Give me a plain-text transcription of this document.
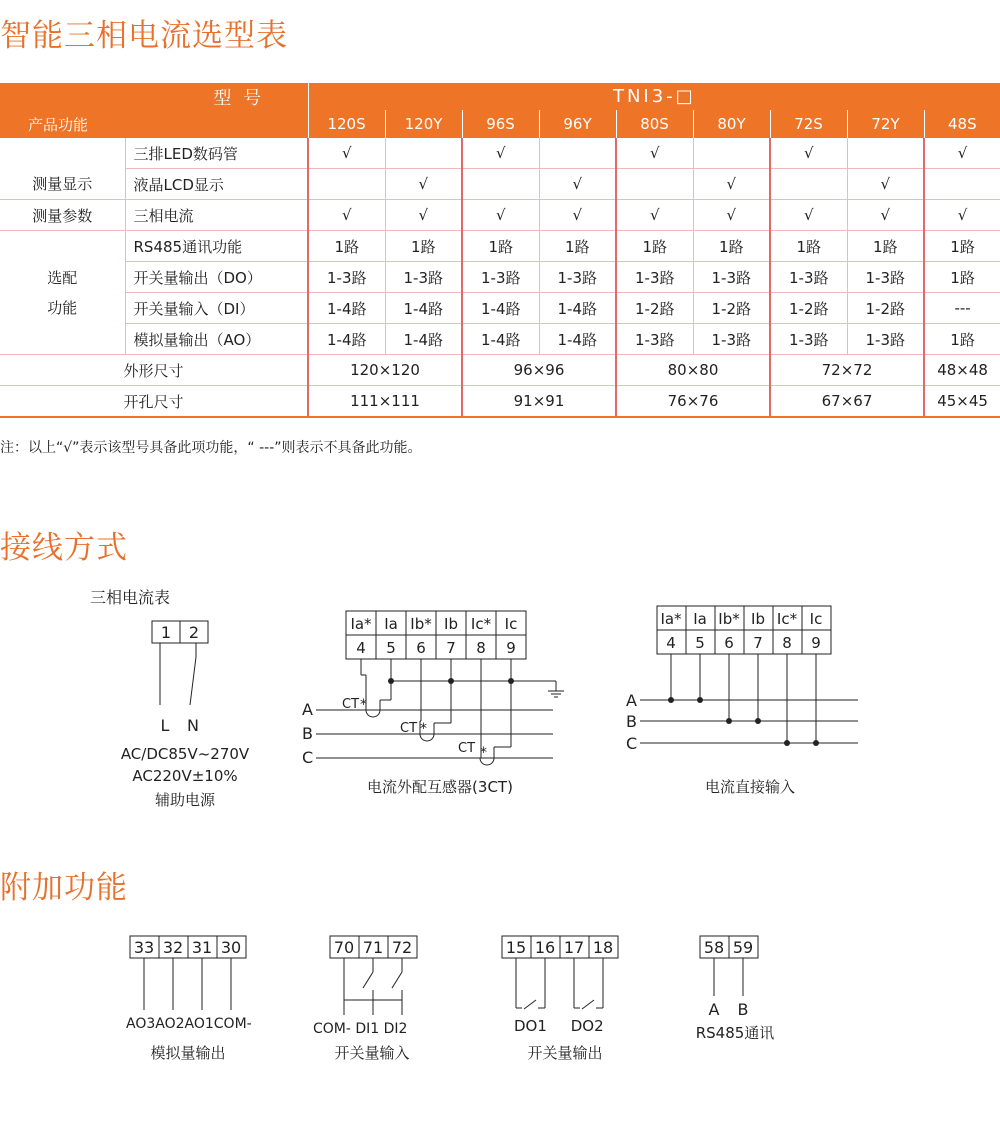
智能三相电流选型表
型 号		TNI3-□								
产品功能		120S	120Y	96S	96Y	80S	80Y	72S	72Y	48S
测量显示	三排LED数码管	√		√		√		√		√
	液晶LCD显示		√		√		√		√	
测量参数	三相电流	√	√	√	√	√	√	√	√	√

选配
功能	RS485通讯功能	1路	1路	1路	1路	1路	1路	1路	1路	1路
	开关量输出（DO）	1-3路	1-3路	1-3路	1-3路	1-3路	1-3路	1-3路	1-3路	1路
	开关量输入（DI）	1-4路	1-4路	1-4路	1-4路	1-2路	1-2路	1-2路	1-2路	---
	模拟量输出（AO）	1-4路	1-4路	1-4路	1-4路	1-3路	1-3路	1-3路	1-3路	1路
外形尺寸		120×120		96×96		80×80		72×72		48×48
开孔尺寸		111×111		91×91		76×76		67×67		45×45
注：以上“√”表示该型号具备此项功能，“ ---”则表示不具备此功能。
接线方式
三相电流表
1 2
L N
AC/DC85V~270V
AC220V±10%
辅助电源
Ia* Ia Ib* Ib Ic* Ic
4 5 6 7 8 9
CT
CT
CT
*
*
*
A
B
C
电流外配互感器(3CT)
Ia* Ia Ib* Ib Ic* Ic
4 5 6 7 8 9
A
B
C
电流直接输入
附加功能
33 32 31 30
AO3AO2AO1COM-
模拟量输出
70 71 72
COM- DI1 DI2
开关量输入
15 16 17 18
DO1     DO2
开关量输出
58 59
A B
RS485通讯
